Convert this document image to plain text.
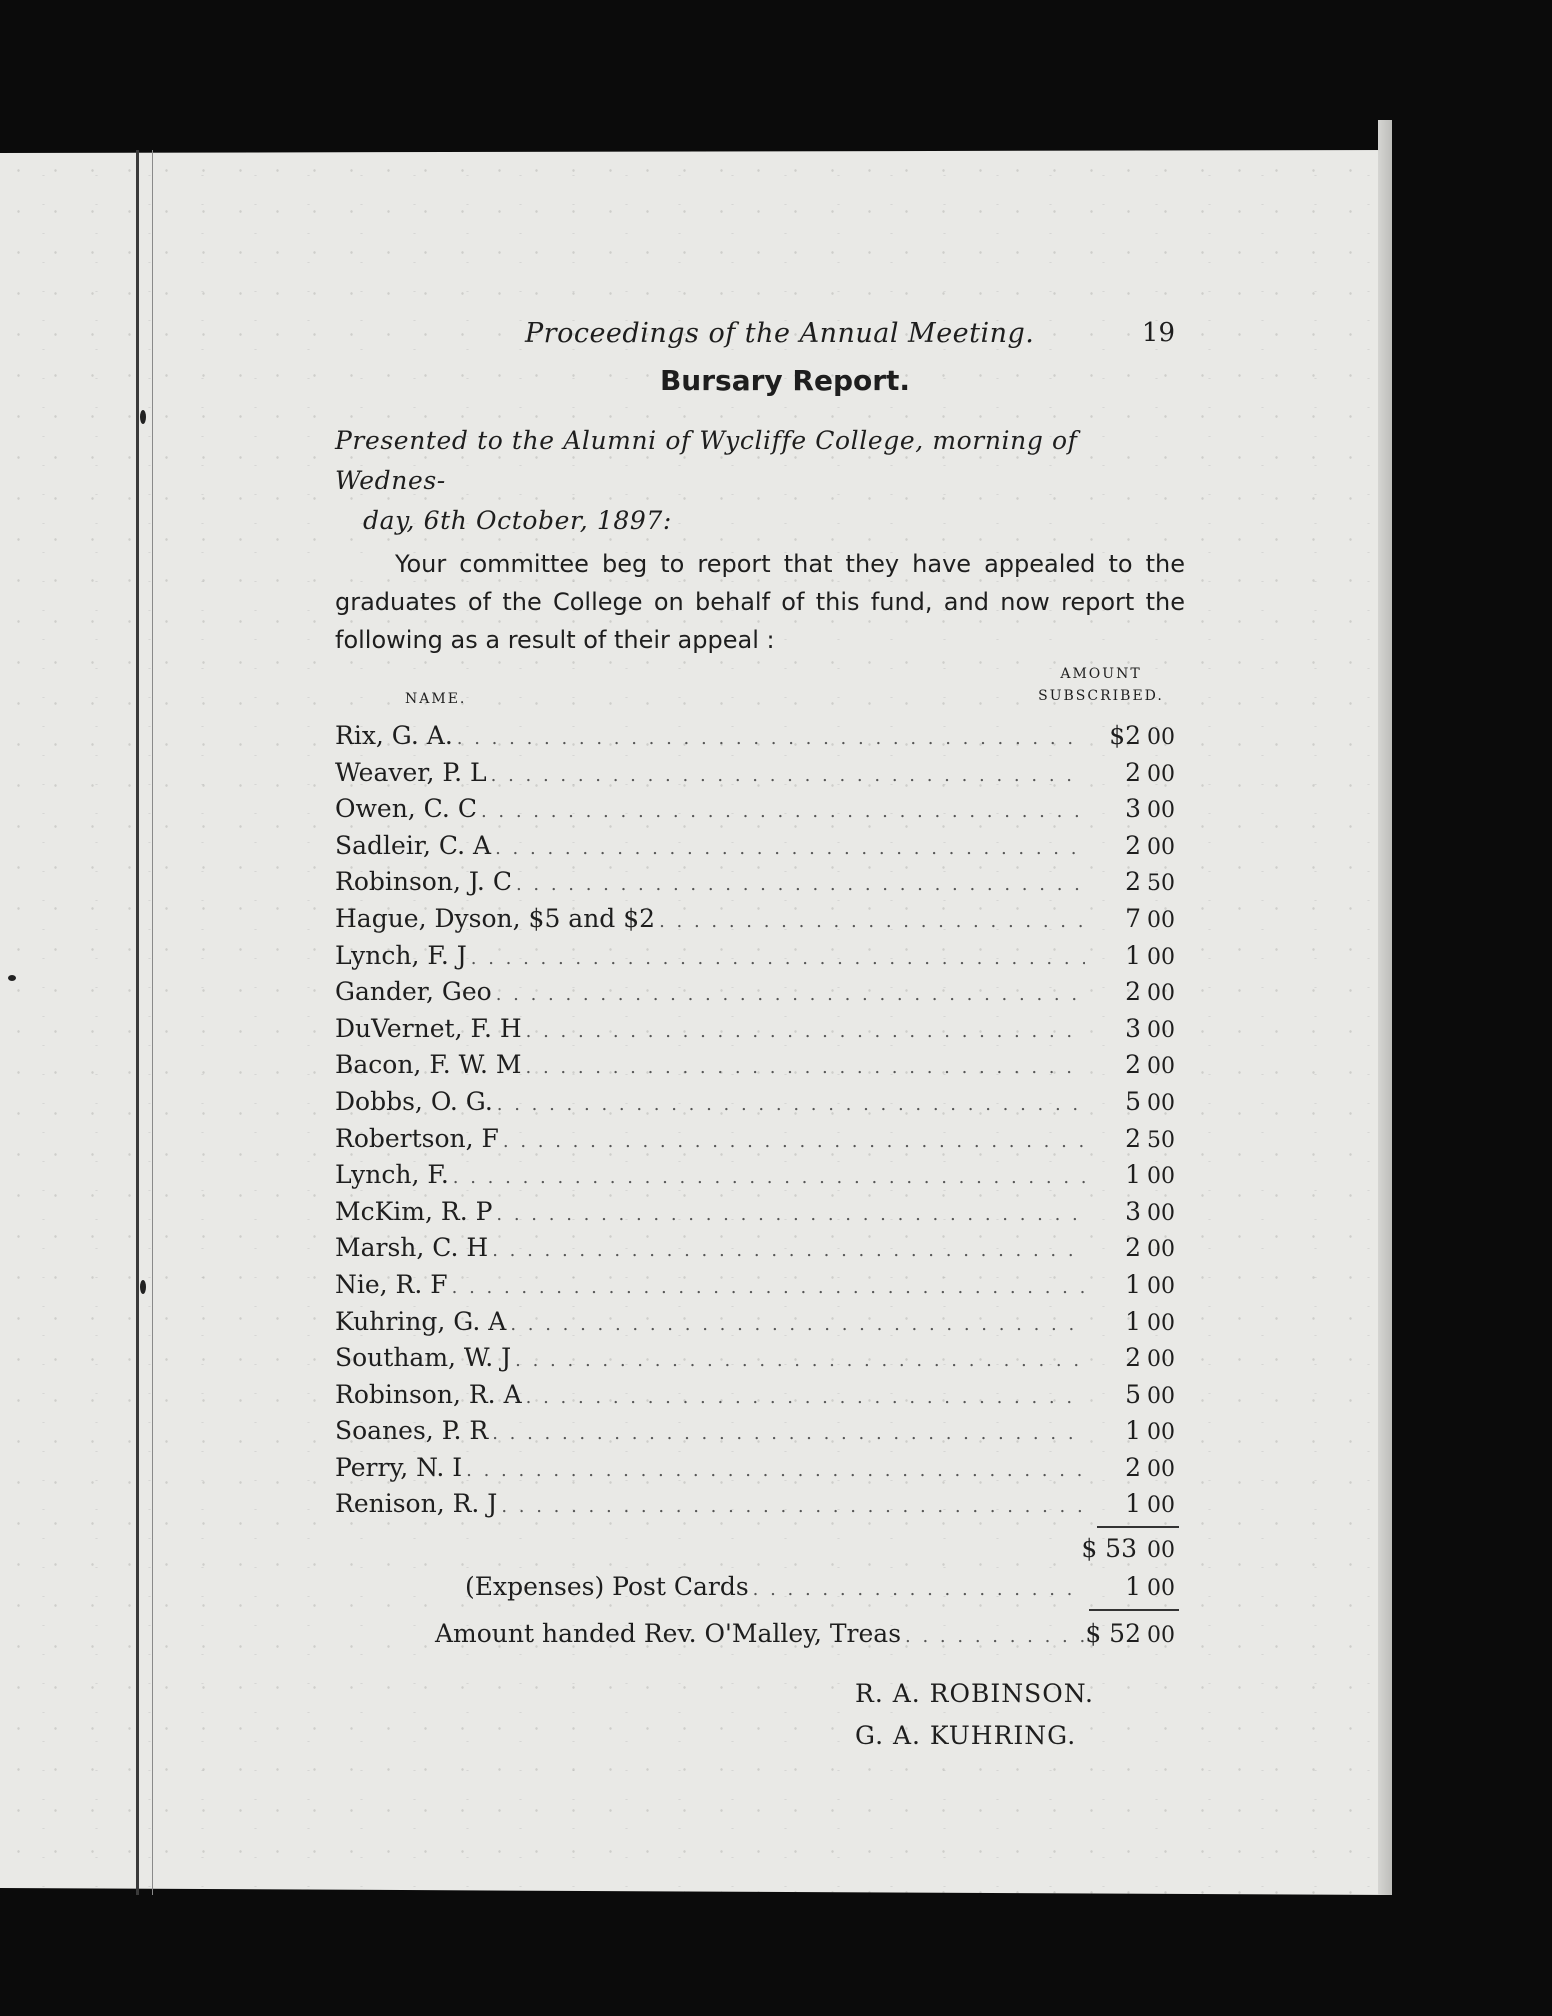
Proceedings of the Annual Meeting.	19
Bursary Report.
Presented to the Alumni of Wycliffe College, morning of Wednes-
day, 6th October, 1897:
Your committee beg to report that they have appealed to the graduates of the College on behalf of this fund, and now report the following as a result of their appeal :
AMOUNT
SUBSCRIBED.
NAME.
Rix, G. A. . . .	$2 00
Weaver, P. L . . .	2 00
Owen, C. C . . .	3 00
Sadleir, C. A . . .	2 00
Robinson, J. C . . .	2 50
Hague, Dyson, $5 and $2 . . .	7 00
Lynch, F. J . . .	1 00
Gander, Geo . . .	2 00
DuVernet, F. H . . .	3 00
Bacon, F. W. M . . .	2 00
Dobbs, O. G. . . .	5 00
Robertson, F . . .	2 50
Lynch, F. . . .	1 00
McKim, R. P . . .	3 00
Marsh, C. H . . .	2 00
Nie, R. F . . .	1 00
Kuhring, G. A . . .	1 00
Southam, W. J . . .	2 00
Robinson, R. A . . .	5 00
Soanes, P. R . . .	1 00
Perry, N. I . . .	2 00
Renison, R. J . . .	1 00
$ 53 00
(Expenses) Post Cards . . .	1 00
Amount handed Rev. O'Malley, Treas . . .	$ 52 00
R. A. ROBINSON.
G. A. KUHRING.
